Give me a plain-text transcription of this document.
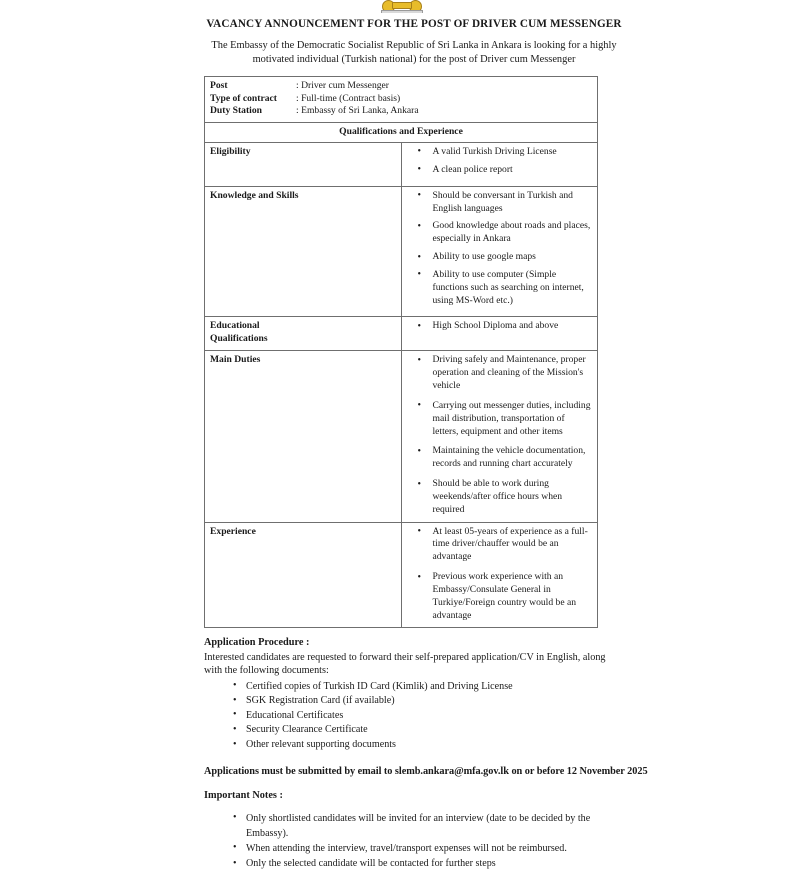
VACANCY ANNOUNCEMENT FOR THE POST OF DRIVER CUM MESSENGER

The Embassy of the Democratic Socialist Republic of Sri Lanka in Ankara is looking for a highly motivated individual (Turkish national) for the post of Driver cum Messenger

Post : Driver cum Messenger
Type of contract : Full-time (Contract basis)
Duty Station : Embassy of Sri Lanka, Ankara	

Qualifications and Experience	

Eligibility

•A valid Turkish Driving License
• A clean police report

Knowledge and Skills

•Should be conversant in Turkish and English languages
• Good knowledge about roads and places, especially in Ankara
• Ability to use google maps
• Ability to use computer (Simple functions such as searching on internet, using MS-Word etc.)

Educational
Qualifications

• High School Diploma and above

Main Duties

•Driving safely and Maintenance, proper operation and cleaning of the Mission's vehicle
• Carrying out messenger duties, including mail distribution, transportation of letters, equipment and other items
• Maintaining the vehicle documentation, records and running chart accurately
• Should be able to work during weekends/after office hours when required

Experience

•At least 05-years of experience as a full-time driver/chauffer would be an advantage
• Previous work experience with an Embassy/Consulate General in Turkiye/Foreign country would be an advantage
Application Procedure :
Interested candidates are requested to forward their self-prepared application/CV in English, along with the following documents:
• Certified copies of Turkish ID Card (Kimlik) and Driving License
• SGK Registration Card (if available)
• Educational Certificates
• Security Clearance Certificate
• Other relevant supporting documents
Applications must be submitted by email to slemb.ankara@mfa.gov.lk on or before 12 November 2025
Important Notes :
• Only shortlisted candidates will be invited for an interview (date to be decided by the Embassy).
• When attending the interview, travel/transport expenses will not be reimbursed.
• Only the selected candidate will be contacted for further steps
